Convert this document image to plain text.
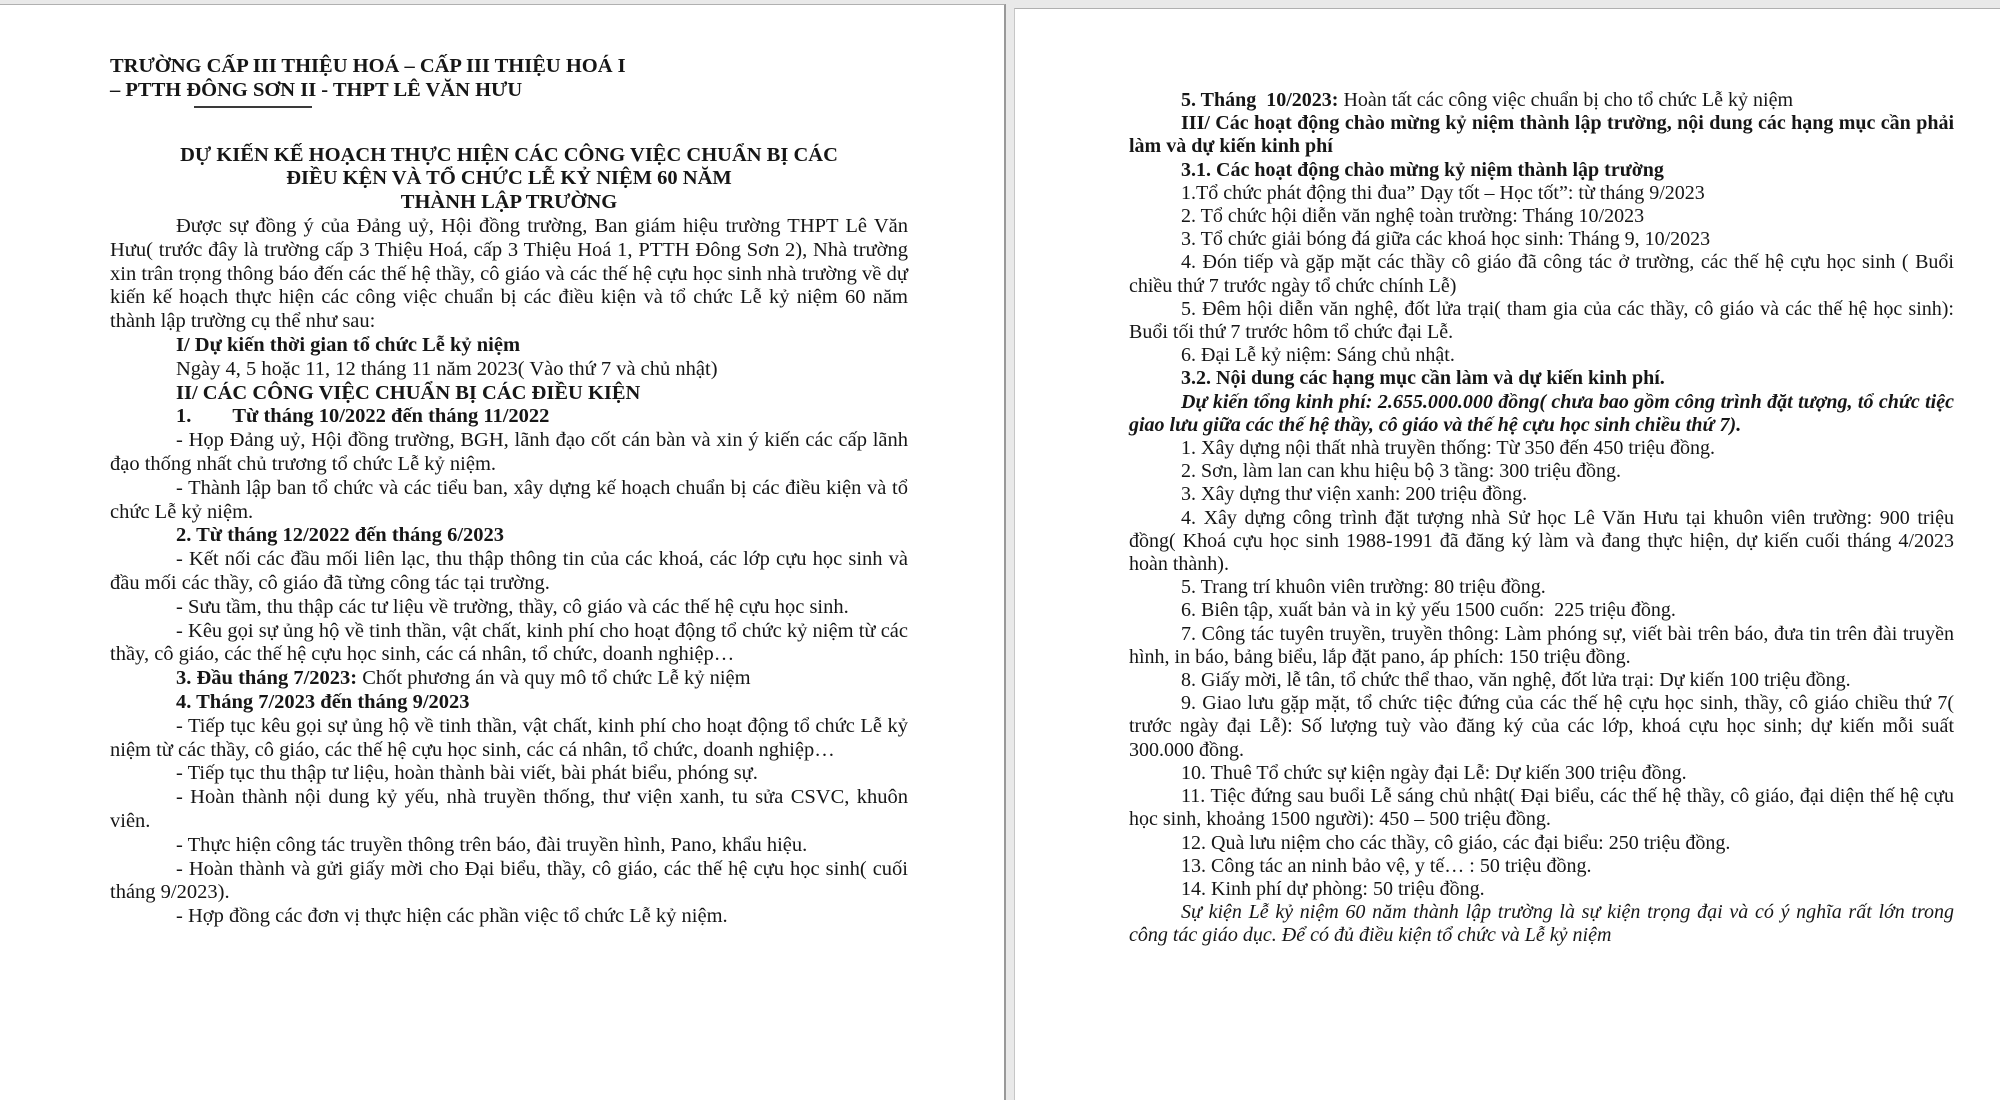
TRƯỜNG CẤP III THIỆU HOÁ – CẤP III THIỆU HOÁ I

– PTTH ĐÔNG SƠN II - THPT LÊ VĂN HƯU

DỰ KIẾN KẾ HOẠCH THỰC HIỆN CÁC CÔNG VIỆC CHUẨN BỊ CÁC

ĐIỀU KỆN VÀ TỔ CHỨC LỄ KỶ NIỆM 60 NĂM

THÀNH LẬP TRƯỜNG

Được sự đồng ý của Đảng uỷ, Hội đồng trường, Ban giám hiệu trường THPT Lê Văn Hưu( trước đây là trường cấp 3 Thiệu Hoá, cấp 3 Thiệu Hoá 1, PTTH Đông Sơn 2), Nhà trường xin trân trọng thông báo đến các thế hệ thầy, cô giáo và các thế hệ cựu học sinh nhà trường về dự kiến kế hoạch thực hiện các công việc chuẩn bị các điều kiện và tổ chức Lễ kỷ niệm 60 năm thành lập trường cụ thể như sau:

I/ Dự kiến thời gian tổ chức Lễ kỷ niệm

Ngày 4, 5 hoặc 11, 12 tháng 11 năm 2023( Vào thứ 7 và chủ nhật)

II/ CÁC CÔNG VIỆC CHUẨN BỊ CÁC ĐIỀU KIỆN

1.        Từ tháng 10/2022 đến tháng 11/2022

- Họp Đảng uỷ, Hội đồng trường, BGH, lãnh đạo cốt cán bàn và xin ý kiến các cấp lãnh đạo thống nhất chủ trương tổ chức Lễ kỷ niệm.

- Thành lập ban tổ chức và các tiểu ban, xây dựng kế hoạch chuẩn bị các điều kiện và tổ chức Lễ kỷ niệm.

2. Từ tháng 12/2022 đến tháng 6/2023

- Kết nối các đầu mối liên lạc, thu thập thông tin của các khoá, các lớp cựu học sinh và đầu mối các thầy, cô giáo đã từng công tác tại trường.

- Sưu tầm, thu thập các tư liệu về trường, thầy, cô giáo và các thế hệ cựu học sinh.

- Kêu gọi sự ủng hộ về tinh thần, vật chất, kinh phí cho hoạt động tổ chức kỷ niệm từ các thầy, cô giáo, các thế hệ cựu học sinh, các cá nhân, tổ chức, doanh nghiệp…

3. Đầu tháng 7/2023: Chốt phương án và quy mô tổ chức Lễ kỷ niệm

4. Tháng 7/2023 đến tháng 9/2023

- Tiếp tục kêu gọi sự ủng hộ về tinh thần, vật chất, kinh phí cho hoạt động tổ chức Lễ kỷ niệm từ các thầy, cô giáo, các thế hệ cựu học sinh, các cá nhân, tổ chức, doanh nghiệp…

- Tiếp tục thu thập tư liệu, hoàn thành bài viết, bài phát biểu, phóng sự.

- Hoàn thành nội dung kỷ yếu, nhà truyền thống, thư viện xanh, tu sửa CSVC, khuôn viên.

- Thực hiện công tác truyền thông trên báo, đài truyền hình, Pano, khẩu hiệu.

- Hoàn thành và gửi giấy mời cho Đại biểu, thầy, cô giáo, các thế hệ cựu học sinh( cuối tháng 9/2023).

- Hợp đồng các đơn vị thực hiện các phần việc tổ chức Lễ kỷ niệm.

5. Tháng  10/2023: Hoàn tất các công việc chuẩn bị cho tổ chức Lễ kỷ niệm

III/ Các hoạt động chào mừng kỷ niệm thành lập trường, nội dung các hạng mục cần phải làm và dự kiến kinh phí

3.1. Các hoạt động chào mừng kỷ niệm thành lập trường

1.Tổ chức phát động thi đua” Dạy tốt – Học tốt”: từ tháng 9/2023

2. Tổ chức hội diễn văn nghệ toàn trường: Tháng 10/2023

3. Tổ chức giải bóng đá giữa các khoá học sinh: Tháng 9, 10/2023

4. Đón tiếp và gặp mặt các thầy cô giáo đã công tác ở trường, các thế hệ cựu học sinh ( Buổi chiều thứ 7 trước ngày tổ chức chính Lễ)

5. Đêm hội diễn văn nghệ, đốt lửa trại( tham gia của các thầy, cô giáo và các thế hệ học sinh): Buổi tối thứ 7 trước hôm tổ chức đại Lễ.

6. Đại Lễ kỷ niệm: Sáng chủ nhật.

3.2. Nội dung các hạng mục cần làm và dự kiến kinh phí.

Dự kiến tổng kinh phí: 2.655.000.000 đồng( chưa bao gồm công trình đặt tượng, tổ chức tiệc giao lưu giữa các thế hệ thầy, cô giáo và thế hệ cựu học sinh chiều thứ 7).

1. Xây dựng nội thất nhà truyền thống: Từ 350 đến 450 triệu đồng.

2. Sơn, làm lan can khu hiệu bộ 3 tầng: 300 triệu đồng.

3. Xây dựng thư viện xanh: 200 triệu đồng.

4. Xây dựng công trình đặt tượng nhà Sử học Lê Văn Hưu tại khuôn viên trường: 900 triệu đồng( Khoá cựu học sinh 1988-1991 đã đăng ký làm và đang thực hiện, dự kiến cuối tháng 4/2023 hoàn thành).

5. Trang trí khuôn viên trường: 80 triệu đồng.

6. Biên tập, xuất bản và in kỷ yếu 1500 cuốn:  225 triệu đồng.

7. Công tác tuyên truyền, truyền thông: Làm phóng sự, viết bài trên báo, đưa tin trên đài truyền hình, in báo, bảng biểu, lắp đặt pano, áp phích: 150 triệu đồng.

8. Giấy mời, lễ tân, tổ chức thể thao, văn nghệ, đốt lửa trại: Dự kiến 100 triệu đồng.

9. Giao lưu gặp mặt, tổ chức tiệc đứng của các thế hệ cựu học sinh, thầy, cô giáo chiều thứ 7( trước ngày đại Lễ): Số lượng tuỳ vào đăng ký của các lớp, khoá cựu học sinh; dự kiến mỗi suất 300.000 đồng.

10. Thuê Tổ chức sự kiện ngày đại Lễ: Dự kiến 300 triệu đồng.

11. Tiệc đứng sau buổi Lễ sáng chủ nhật( Đại biểu, các thế hệ thầy, cô giáo, đại diện thế hệ cựu học sinh, khoảng 1500 người): 450 – 500 triệu đồng.

12. Quà lưu niệm cho các thầy, cô giáo, các đại biểu: 250 triệu đồng.

13. Công tác an ninh bảo vệ, y tế… : 50 triệu đồng.

14. Kinh phí dự phòng: 50 triệu đồng.

Sự kiện Lễ kỷ niệm 60 năm thành lập trường là sự kiện trọng đại và có ý nghĩa rất lớn trong công tác giáo dục. Để có đủ điều kiện tổ chức và Lễ kỷ niệm
